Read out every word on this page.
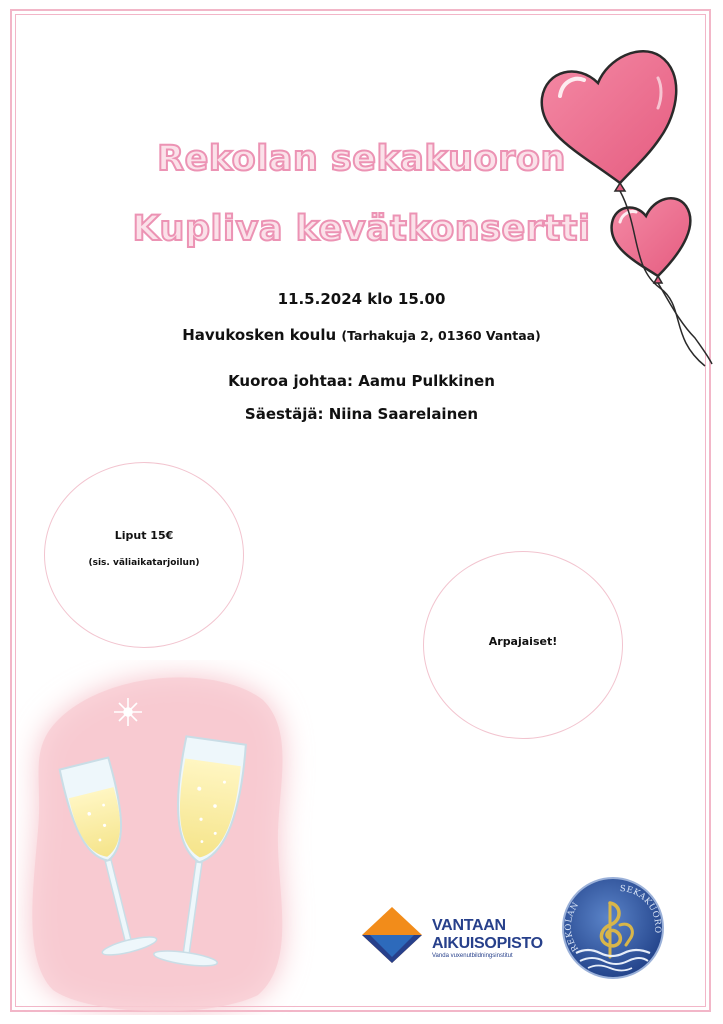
Rekolan sekakuoron
Kupliva kevätkonsertti
11.5.2024 klo 15.00
Havukosken koulu (Tarhakuja 2, 01360 Vantaa)
Kuoroa johtaa: Aamu Pulkkinen
Säestäjä: Niina Saarelainen
Liput 15€
(sis. väliaikatarjoilun)
Arpajaiset!
VANTAAN
AIKUISOPISTO
Vanda vuxenutbildningsinstitut
REKOLAN
SEKAKUORO
